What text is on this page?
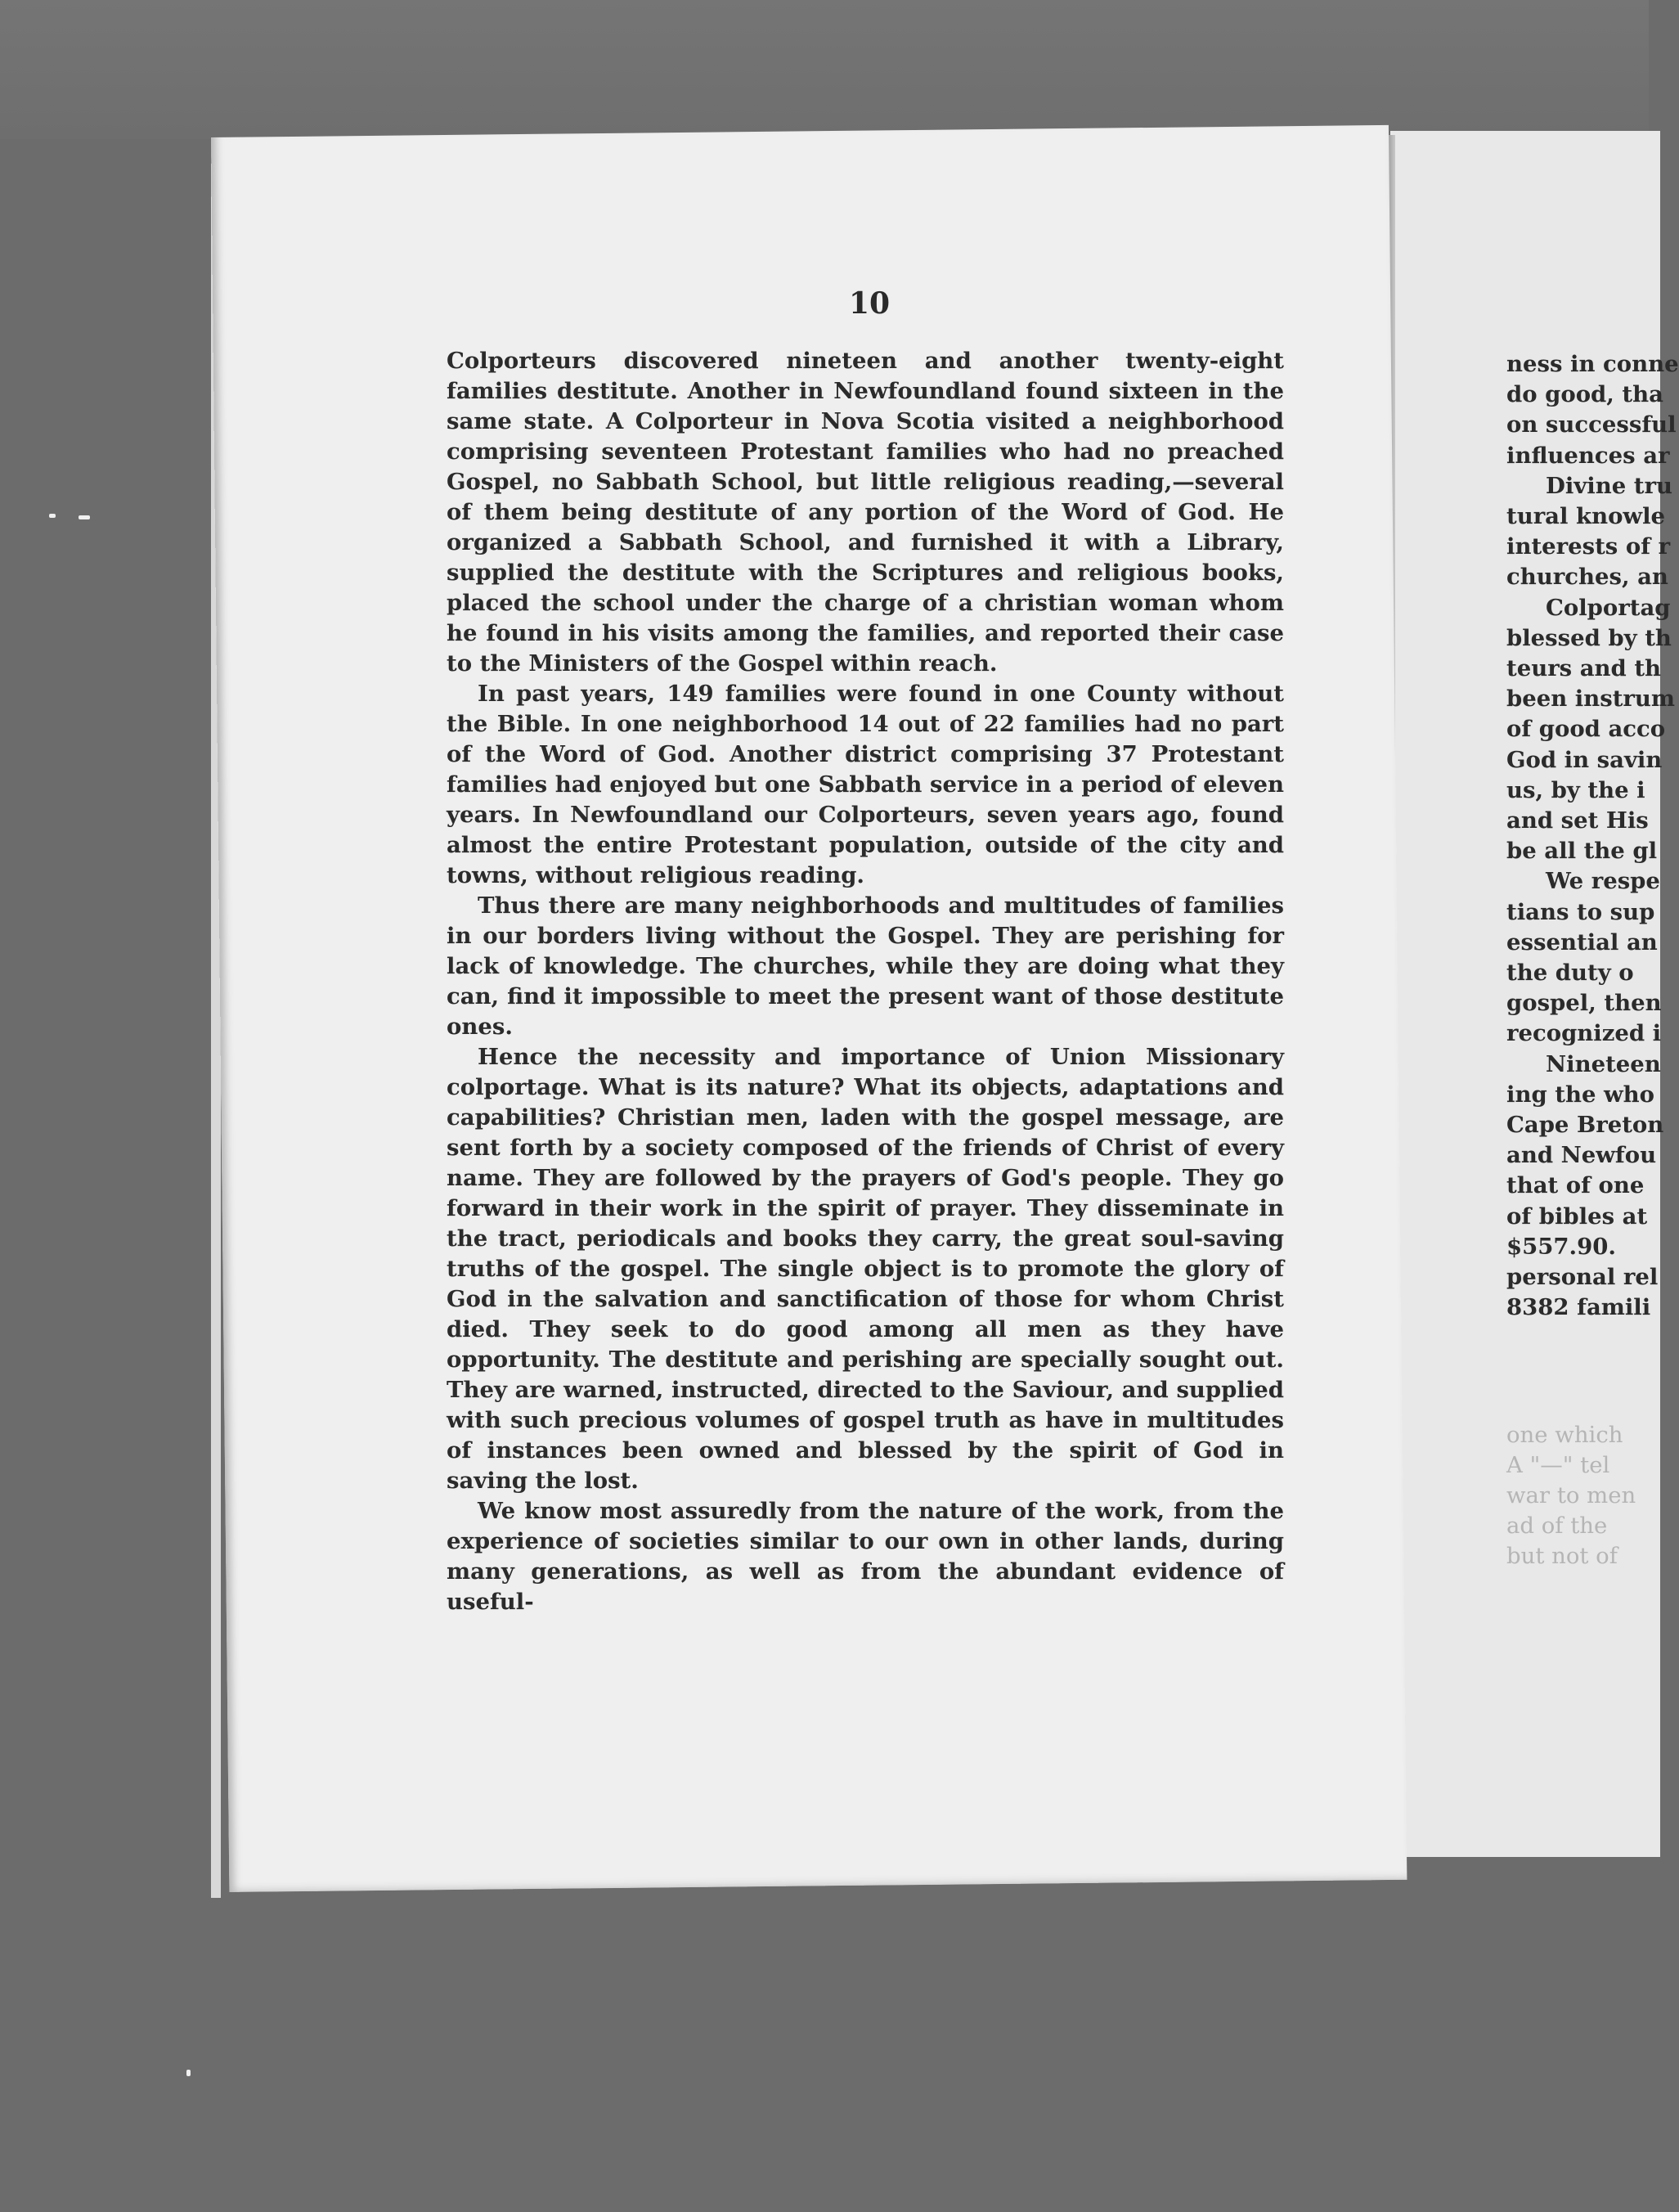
10

Colporteurs discovered nineteen and another twenty-eight families destitute. Another in Newfoundland found sixteen in the same state. A Colporteur in Nova Scotia visited a neighborhood comprising seventeen Protestant families who had no preached Gospel, no Sabbath School, but little religious reading,—several of them being destitute of any portion of the Word of God. He organized a Sabbath School, and furnished it with a Library, supplied the destitute with the Scriptures and religious books, placed the school under the charge of a christian woman whom he found in his visits among the families, and reported their case to the Ministers of the Gospel within reach.

In past years, 149 families were found in one County without the Bible. In one neighborhood 14 out of 22 families had no part of the Word of God. Another district comprising 37 Protestant families had enjoyed but one Sabbath service in a period of eleven years. In Newfoundland our Colporteurs, seven years ago, found almost the entire Protestant population, outside of the city and towns, without religious reading.

Thus there are many neighborhoods and multitudes of families in our borders living without the Gospel. They are perishing for lack of knowledge. The churches, while they are doing what they can, find it impossible to meet the present want of those destitute ones.

Hence the necessity and importance of Union Missionary colportage. What is its nature? What its objects, adaptations and capabilities? Christian men, laden with the gospel message, are sent forth by a society composed of the friends of Christ of every name. They are followed by the prayers of God's people. They go forward in their work in the spirit of prayer. They disseminate in the tract, periodicals and books they carry, the great soul-saving truths of the gospel. The single object is to promote the glory of God in the salvation and sanctification of those for whom Christ died. They seek to do good among all men as they have opportunity. The destitute and perishing are specially sought out. They are warned, instructed, directed to the Saviour, and supplied with such precious volumes of gospel truth as have in multitudes of instances been owned and blessed by the spirit of God in saving the lost.

We know most assuredly from the nature of the work, from the experience of societies similar to our own in other lands, during many generations, as well as from the abundant evidence of useful-

ness in conne
do good, tha
on successful
influences ar
Divine tru
tural knowle
interests of r
churches, an
Colportag
blessed by th
teurs and th
been instrum
of good acco
God in savin
us, by the i
and set His
be all the gl
We respe
tians to sup
essential an
the duty o
gospel, then
recognized i
Nineteen
ing the who
Cape Breton
and Newfou
that of one
of bibles at
$557.90.
personal rel
8382 famili
one which
A "—" tel
war to men
ad of the
but not of
